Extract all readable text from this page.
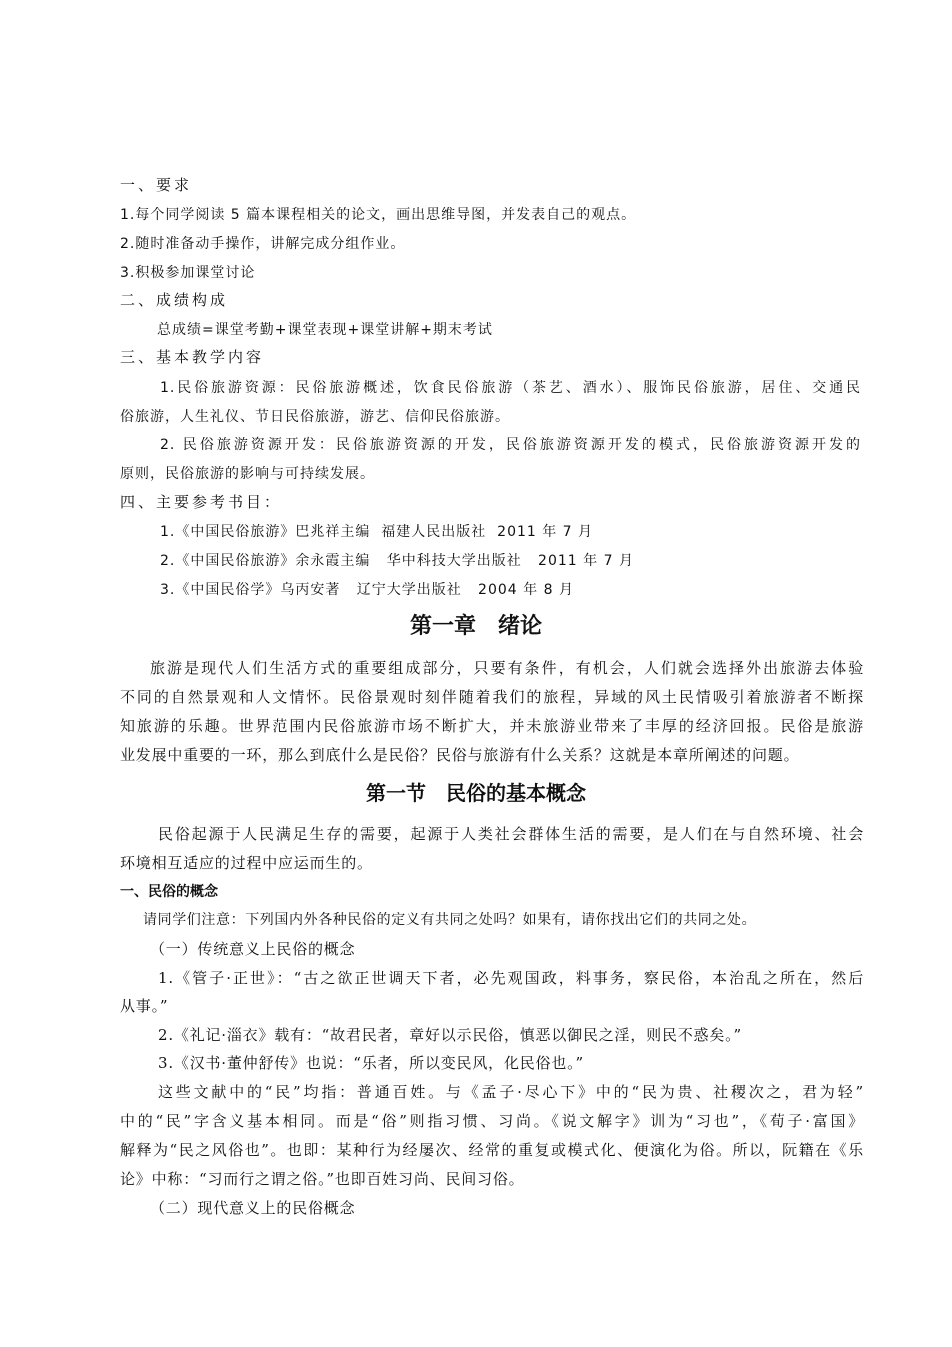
一、要求
1.每个同学阅读 5 篇本课程相关的论文，画出思维导图，并发表自己的观点。
2.随时准备动手操作，讲解完成分组作业。
3.积极参加课堂讨论
二、成绩构成
总成绩=课堂考勤+课堂表现+课堂讲解+期末考试
三、基本教学内容
1.民俗旅游资源：民俗旅游概述，饮食民俗旅游（茶艺、酒水）、服饰民俗旅游，居住、交通民
俗旅游，人生礼仪、节日民俗旅游，游艺、信仰民俗旅游。
2. 民俗旅游资源开发：民俗旅游资源的开发，民俗旅游资源开发的模式，民俗旅游资源开发的
原则，民俗旅游的影响与可持续发展。
四、主要参考书目：
1.《中国民俗旅游》巴兆祥主编  福建人民出版社  2011 年 7 月
2.《中国民俗旅游》余永霞主编   华中科技大学出版社   2011 年 7 月
3.《中国民俗学》乌丙安著   辽宁大学出版社   2004 年 8 月
第一章　绪论
旅游是现代人们生活方式的重要组成部分，只要有条件，有机会，人们就会选择外出旅游去体验
不同的自然景观和人文情怀。民俗景观时刻伴随着我们的旅程，异域的风土民情吸引着旅游者不断探
知旅游的乐趣。世界范围内民俗旅游市场不断扩大，并未旅游业带来了丰厚的经济回报。民俗是旅游
业发展中重要的一环，那么到底什么是民俗？民俗与旅游有什么关系？这就是本章所阐述的问题。
第一节　民俗的基本概念
民俗起源于人民满足生存的需要，起源于人类社会群体生活的需要，是人们在与自然环境、社会
环境相互适应的过程中应运而生的。
一、民俗的概念
请同学们注意：下列国内外各种民俗的定义有共同之处吗？如果有，请你找出它们的共同之处。
（一）传统意义上民俗的概念
1.《管子·正世》：“古之欲正世调天下者，必先观国政，料事务，察民俗，本治乱之所在，然后
从事。”
2.《礼记·淄衣》载有：“故君民者，章好以示民俗，慎恶以御民之淫，则民不惑矣。”
3.《汉书·董仲舒传》也说：“乐者，所以变民风，化民俗也。”
这些文献中的“民”均指：普通百姓。与《孟子·尽心下》中的“民为贵、社稷次之，君为轻”
中的“民”字含义基本相同。而是“俗”则指习惯、习尚。《说文解字》训为“习也”，《荀子·富国》
解释为“民之风俗也”。也即：某种行为经屡次、经常的重复或模式化、便演化为俗。所以，阮籍在《乐
论》中称：“习而行之谓之俗。”也即百姓习尚、民间习俗。
（二）现代意义上的民俗概念
